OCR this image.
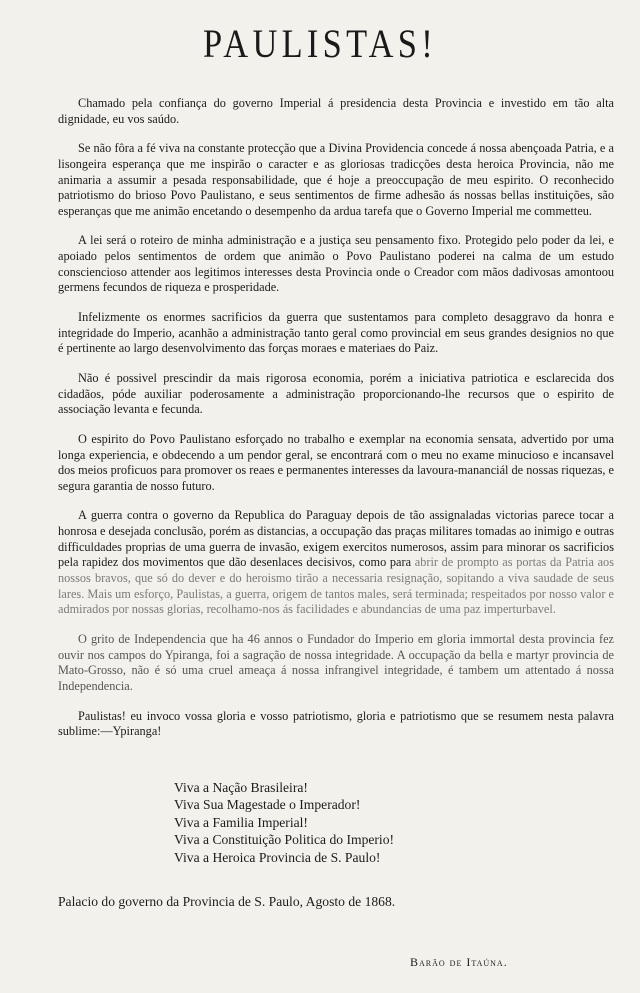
PAULISTAS!

Chamado pela confiança do governo Imperial á presidencia desta Provincia e investido em tão alta dignidade, eu vos saúdo.

Se não fôra a fé viva na constante protecção que a Divina Providencia concede á nossa abençoada Patria, e a lisongeira esperança que me inspirão o caracter e as gloriosas tradicções desta heroica Provincia, não me animaria a assumir a pesada responsabilidade, que é hoje a preoccupação de meu espirito. O reconhecido patriotismo do brioso Povo Paulistano, e seus sentimentos de firme adhesão ás nossas bellas instituições, são esperanças que me animão encetando o desempenho da ardua tarefa que o Governo Imperial me commetteu.

A lei será o roteiro de minha administração e a justiça seu pensamento fixo. Protegido pelo poder da lei, e apoiado pelos sentimentos de ordem que animão o Povo Paulistano poderei na calma de um estudo consciencioso attender aos legitimos interesses desta Provincia onde o Creador com mãos dadivosas amontoou germens fecundos de riqueza e prosperidade.

Infelizmente os enormes sacrificios da guerra que sustentamos para completo desaggravo da honra e integridade do Imperio, acanhão a administração tanto geral como provincial em seus grandes designios no que é pertinente ao largo desenvolvimento das forças moraes e materiaes do Paiz.

Não é possivel prescindir da mais rigorosa economia, porém a iniciativa patriotica e esclarecida dos cidadãos, póde auxiliar poderosamente a administração proporcionando-lhe recursos que o espirito de associação levanta e fecunda.

O espirito do Povo Paulistano esforçado no trabalho e exemplar na economia sensata, advertido por uma longa experiencia, e obdecendo a um pendor geral, se encontrará com o meu no exame minucioso e incansavel dos meios proficuos para promover os reaes e permanentes interesses da lavoura-mananciál de nossas riquezas, e segura garantia de nosso futuro.

A guerra contra o governo da Republica do Paraguay depois de tão assignaladas victorias parece tocar a honrosa e desejada conclusão, porém as distancias, a occupação das praças militares tomadas ao inimigo e outras difficuldades proprias de uma guerra de invasão, exigem exercitos numerosos, assim para minorar os sacrificios pela rapidez dos movimentos que dão desenlaces decisivos, como para abrir de prompto as portas da Patria aos nossos bravos, que só do dever e do heroismo tirão a necessaria resignação, sopitando a viva saudade de seus lares. Mais um esforço, Paulistas, a guerra, origem de tantos males, será terminada; respeitados por nosso valor e admirados por nossas glorias, recolhamo-nos ás facilidades e abundancias de uma paz imperturbavel.

O grito de Independencia que ha 46 annos o Fundador do Imperio em gloria immortal desta provincia fez ouvir nos campos do Ypiranga, foi a sagração de nossa integridade. A occupação da bella e martyr provincia de Mato-Grosso, não é só uma cruel ameaça á nossa infrangivel integridade, é tambem um attentado á nossa Independencia.

Paulistas! eu invoco vossa gloria e vosso patriotismo, gloria e patriotismo que se resumem nesta palavra sublime:—Ypiranga!

Viva a Nação Brasileira!
Viva Sua Magestade o Imperador!
Viva a Familia Imperial!
Viva a Constituição Politica do Imperio!
Viva a Heroica Provincia de S. Paulo!
Palacio do governo da Provincia de S. Paulo, Agosto de 1868.
Barão de Itaúna.
